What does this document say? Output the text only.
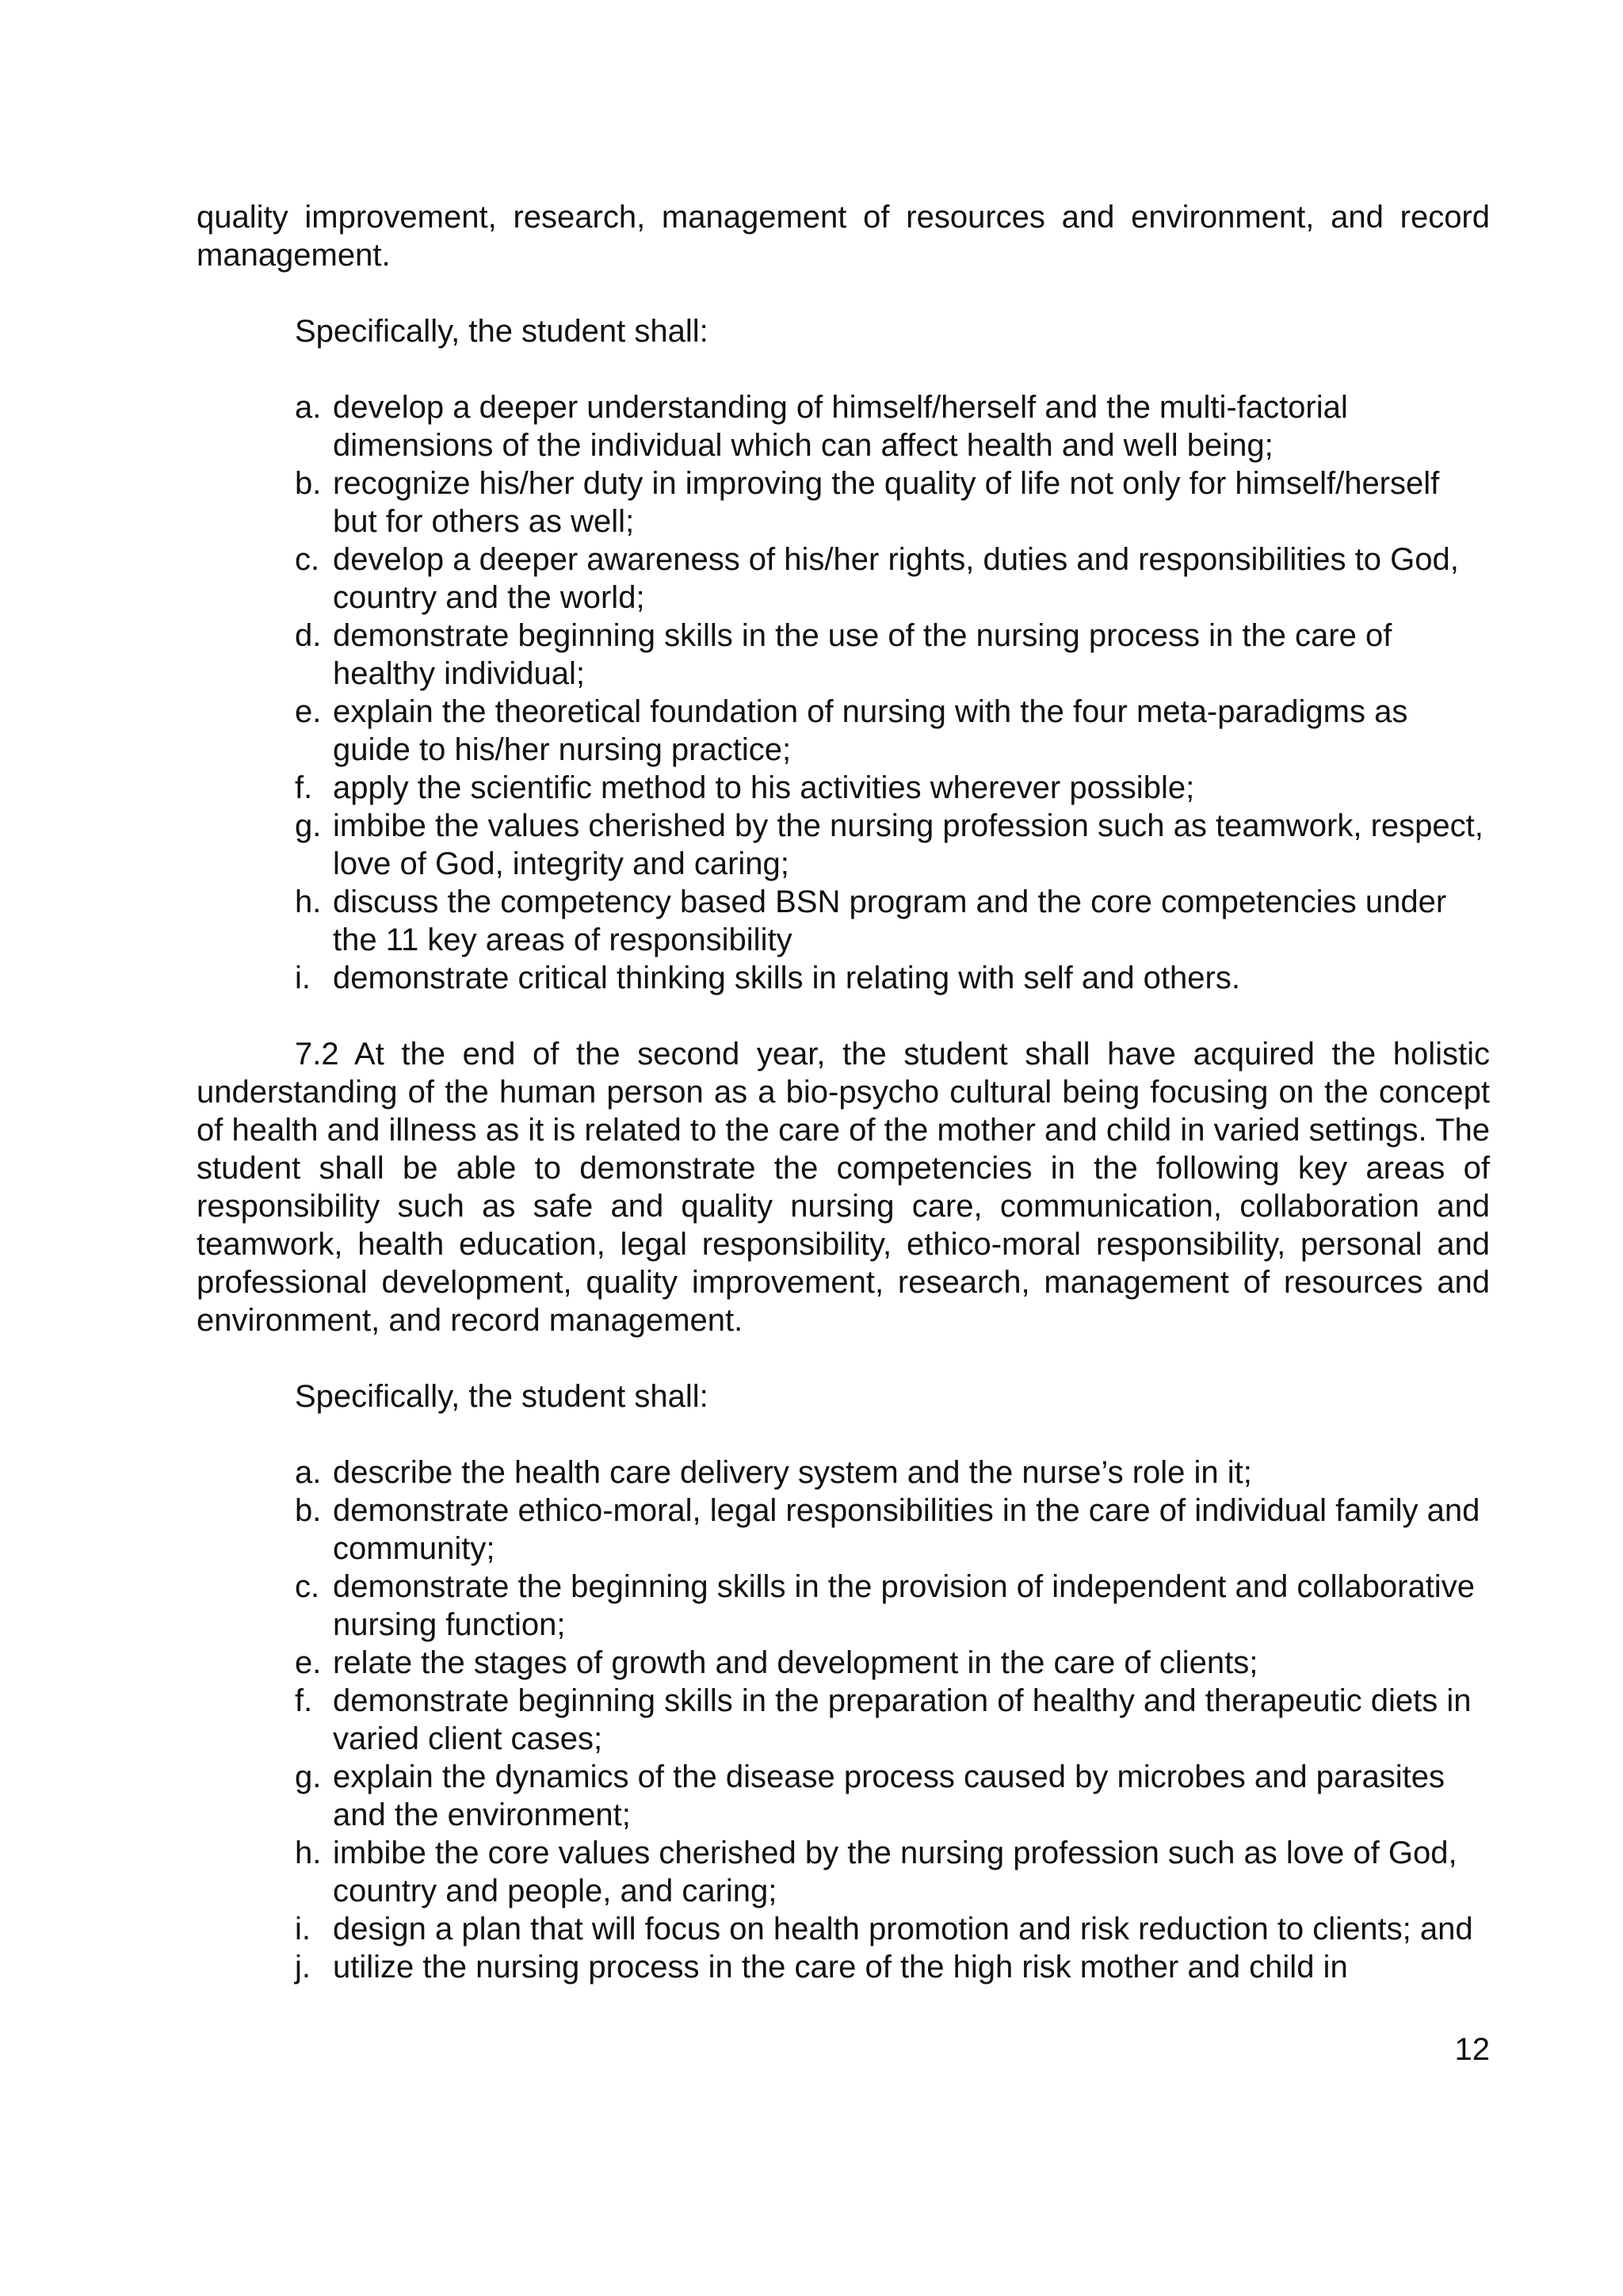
quality improvement, research, management of resources and environment, and record management.

Specifically, the student shall:

a. develop a deeper understanding of himself/herself and the multi-factorial dimensions of the individual which can affect health and well being;
b. recognize his/her duty in improving the quality of life not only for himself/herself but for others as well;
c. develop a deeper awareness of his/her rights, duties and responsibilities to God, country and the world;
d. demonstrate beginning skills in the use of the nursing process in the care of healthy individual;
e. explain the theoretical foundation of nursing with the four meta-paradigms as guide to his/her nursing practice;
f. apply the scientific method to his activities wherever possible;
g. imbibe the values cherished by the nursing profession such as teamwork, respect, love of God, integrity and caring;
h. discuss the competency based BSN program and the core competencies under the 11 key areas of responsibility
i. demonstrate critical thinking skills in relating with self and others.

7.2 At the end of the second year, the student shall have acquired the holistic understanding of the human person as a bio-psycho cultural being focusing on the concept of health and illness as it is related to the care of the mother and child in varied settings. The student shall be able to demonstrate the competencies in the following key areas of responsibility such as safe and quality nursing care, communication, collaboration and teamwork, health education, legal responsibility, ethico-moral responsibility, personal and professional development, quality improvement, research, management of resources and environment, and record management.

Specifically, the student shall:

a. describe the health care delivery system and the nurse’s role in it;
b. demonstrate ethico-moral, legal responsibilities in the care of individual family and community;
c. demonstrate the beginning skills in the provision of independent and collaborative nursing function;
e. relate the stages of growth and development in the care of clients;
f. demonstrate beginning skills in the preparation of healthy and therapeutic diets in varied client cases;
g. explain the dynamics of the disease process caused by microbes and parasites and the environment;
h. imbibe the core values cherished by the nursing profession such as love of God, country and people, and caring;
i. design a plan that will focus on health promotion and risk reduction to clients; and
j. utilize the nursing process in the care of the high risk mother and child in
12
